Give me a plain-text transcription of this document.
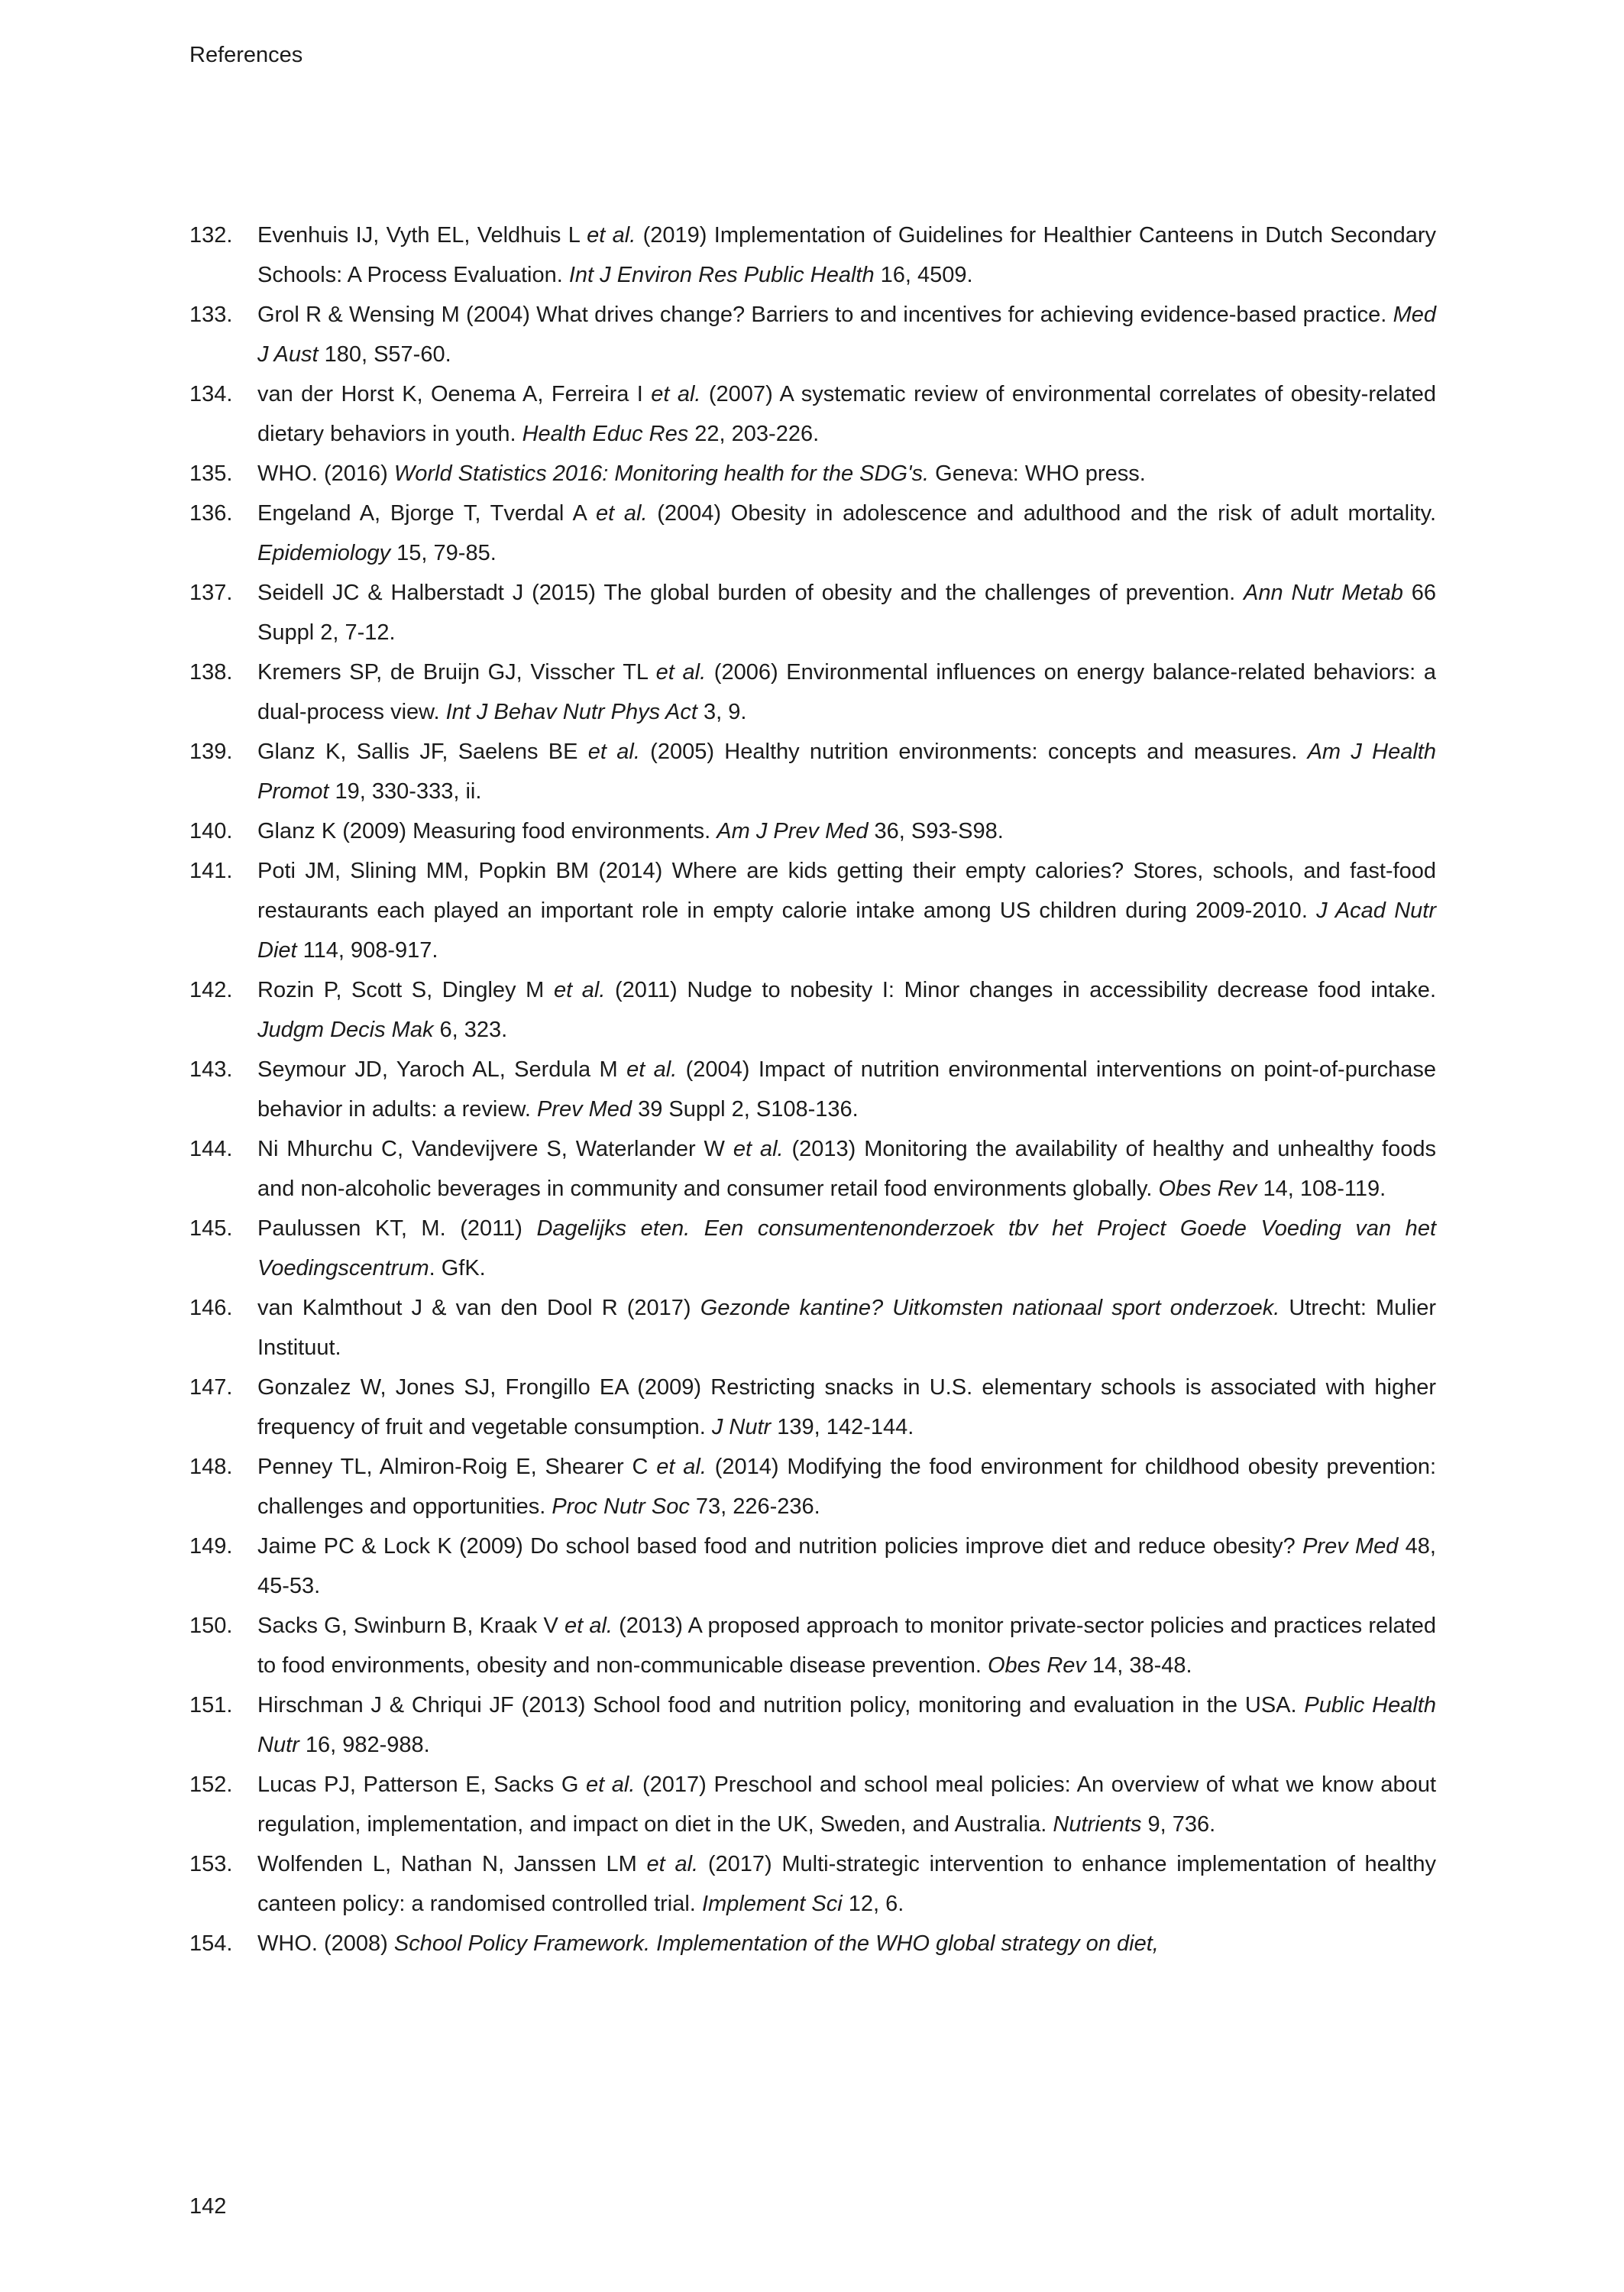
References
132.	Evenhuis IJ, Vyth EL, Veldhuis L et al. (2019) Implementation of Guidelines for Healthier Canteens in Dutch Secondary Schools: A Process Evaluation. Int J Environ Res Public Health 16, 4509.
133.	Grol R & Wensing M (2004) What drives change? Barriers to and incentives for achieving evidence-based practice. Med J Aust 180, S57-60.
134.	van der Horst K, Oenema A, Ferreira I et al. (2007) A systematic review of environmental correlates of obesity-related dietary behaviors in youth. Health Educ Res 22, 203-226.
135.	WHO. (2016) World Statistics 2016: Monitoring health for the SDG's. Geneva: WHO press.
136.	Engeland A, Bjorge T, Tverdal A et al. (2004) Obesity in adolescence and adulthood and the risk of adult mortality. Epidemiology 15, 79-85.
137.	Seidell JC & Halberstadt J (2015) The global burden of obesity and the challenges of prevention. Ann Nutr Metab 66 Suppl 2, 7-12.
138.	Kremers SP, de Bruijn GJ, Visscher TL et al. (2006) Environmental influences on energy balance-related behaviors: a dual-process view. Int J Behav Nutr Phys Act 3, 9.
139.	Glanz K, Sallis JF, Saelens BE et al. (2005) Healthy nutrition environments: concepts and measures. Am J Health Promot 19, 330-333, ii.
140.	Glanz K (2009) Measuring food environments. Am J Prev Med 36, S93-S98.
141.	Poti JM, Slining MM, Popkin BM (2014) Where are kids getting their empty calories? Stores, schools, and fast-food restaurants each played an important role in empty calorie intake among US children during 2009-2010. J Acad Nutr Diet 114, 908-917.
142.	Rozin P, Scott S, Dingley M et al. (2011) Nudge to nobesity I: Minor changes in accessibility decrease food intake. Judgm Decis Mak 6, 323.
143.	Seymour JD, Yaroch AL, Serdula M et al. (2004) Impact of nutrition environmental interventions on point-of-purchase behavior in adults: a review. Prev Med 39 Suppl 2, S108-136.
144.	Ni Mhurchu C, Vandevijvere S, Waterlander W et al. (2013) Monitoring the availability of healthy and unhealthy foods and non-alcoholic beverages in community and consumer retail food environments globally. Obes Rev 14, 108-119.
145.	Paulussen KT, M. (2011) Dagelijks eten. Een consumentenonderzoek tbv het Project Goede Voeding van het Voedingscentrum. GfK.
146.	van Kalmthout J & van den Dool R (2017) Gezonde kantine? Uitkomsten nationaal sport onderzoek. Utrecht: Mulier Instituut.
147.	Gonzalez W, Jones SJ, Frongillo EA (2009) Restricting snacks in U.S. elementary schools is associated with higher frequency of fruit and vegetable consumption. J Nutr 139, 142-144.
148.	Penney TL, Almiron-Roig E, Shearer C et al. (2014) Modifying the food environment for childhood obesity prevention: challenges and opportunities. Proc Nutr Soc 73, 226-236.
149.	Jaime PC & Lock K (2009) Do school based food and nutrition policies improve diet and reduce obesity? Prev Med 48, 45-53.
150.	Sacks G, Swinburn B, Kraak V et al. (2013) A proposed approach to monitor private-sector policies and practices related to food environments, obesity and non-communicable disease prevention. Obes Rev 14, 38-48.
151.	Hirschman J & Chriqui JF (2013) School food and nutrition policy, monitoring and evaluation in the USA. Public Health Nutr 16, 982-988.
152.	Lucas PJ, Patterson E, Sacks G et al. (2017) Preschool and school meal policies: An overview of what we know about regulation, implementation, and impact on diet in the UK, Sweden, and Australia. Nutrients 9, 736.
153.	Wolfenden L, Nathan N, Janssen LM et al. (2017) Multi-strategic intervention to enhance implementation of healthy canteen policy: a randomised controlled trial. Implement Sci 12, 6.
154.	WHO. (2008) School Policy Framework. Implementation of the WHO global strategy on diet,
142
